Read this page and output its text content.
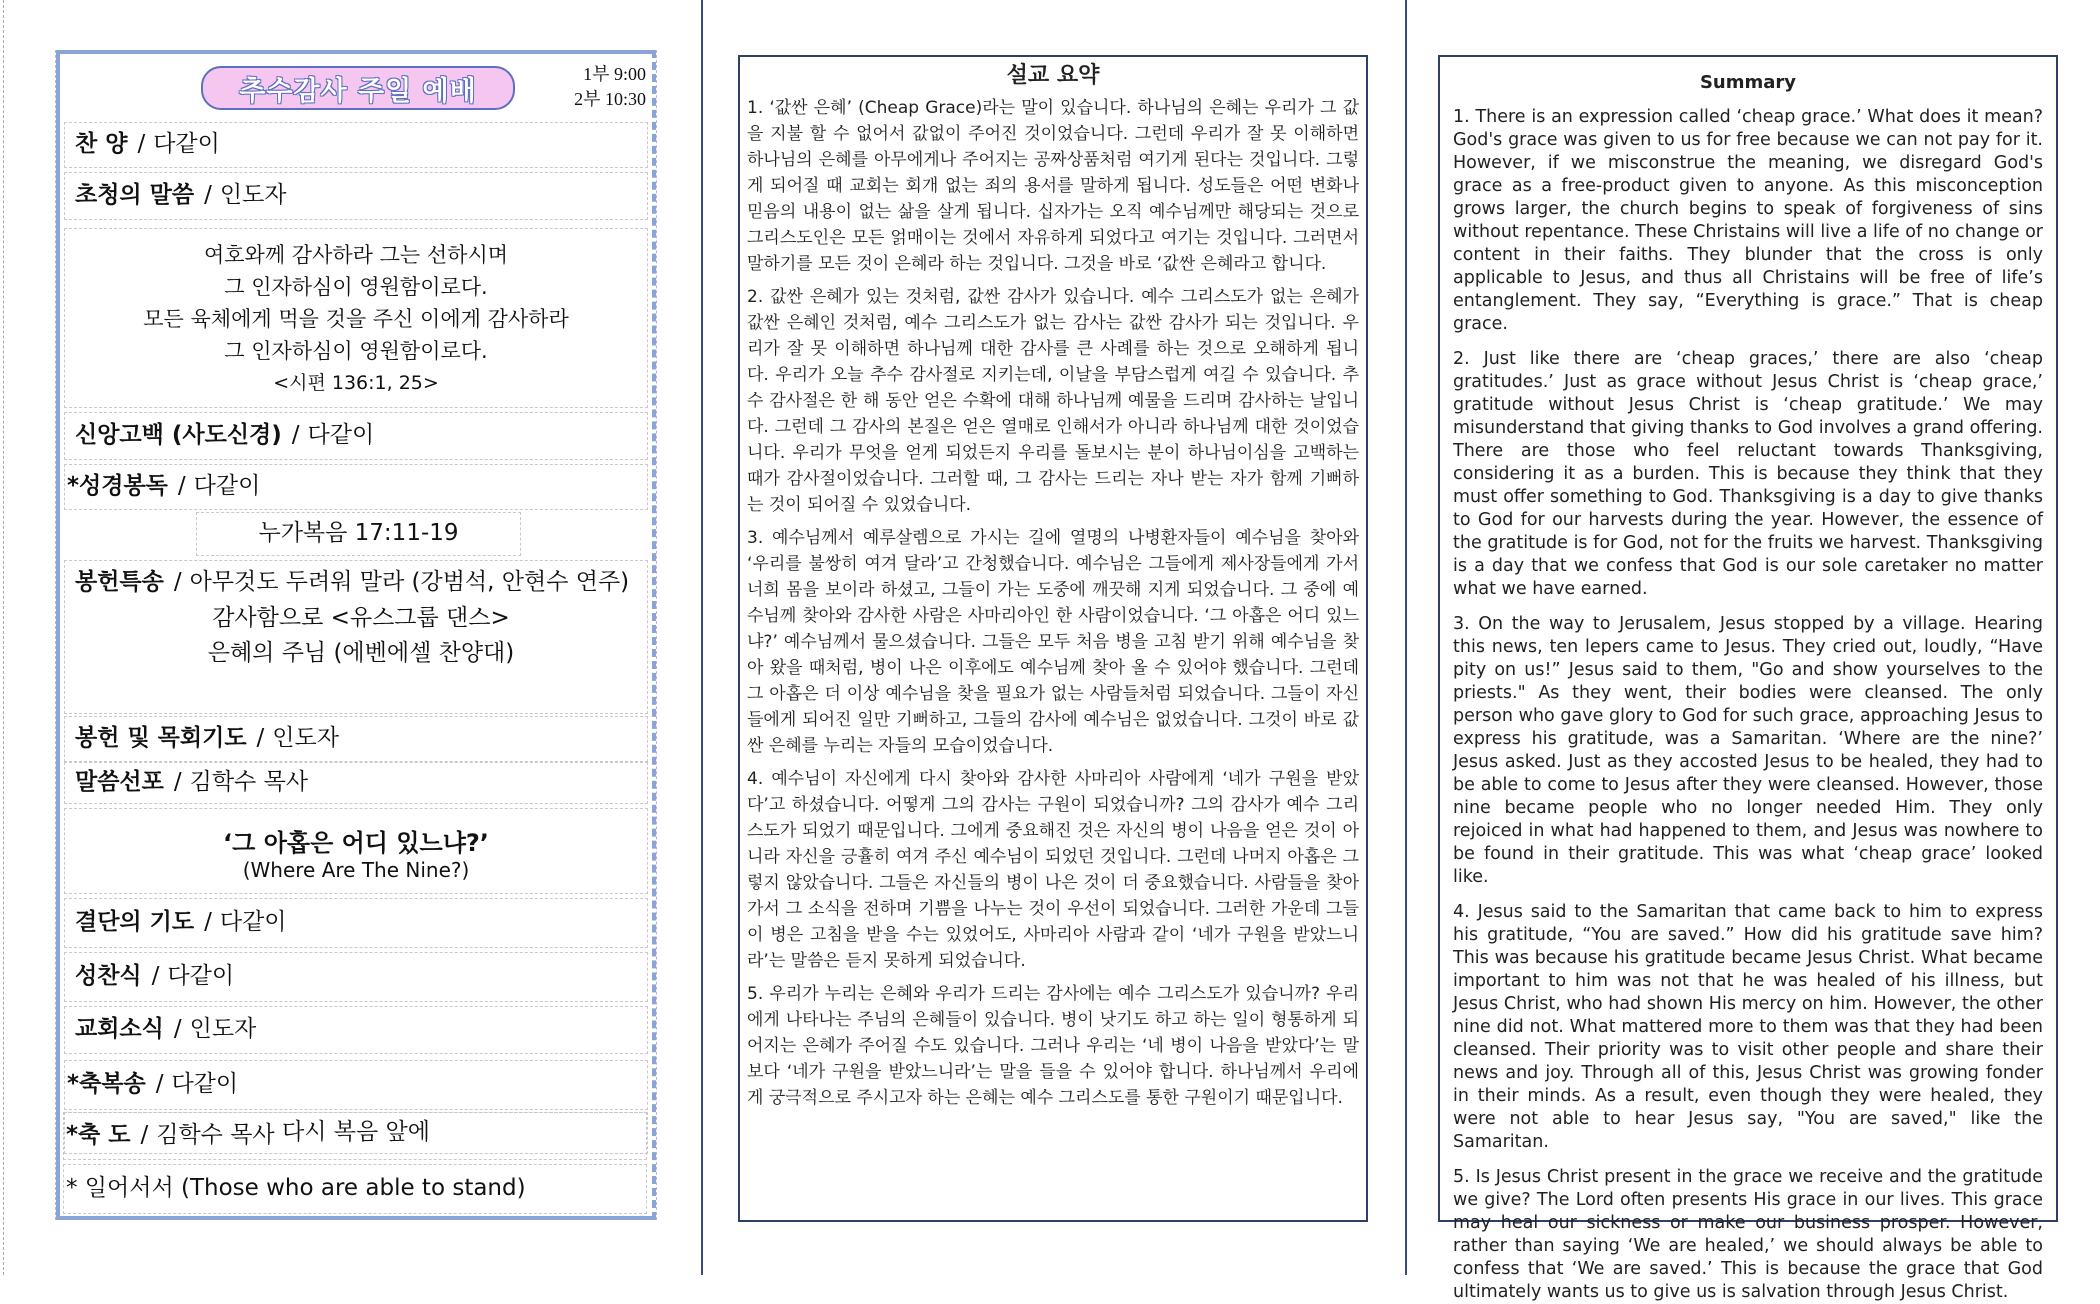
추수감사 주일 예배
1부 9:00
2부 10:30
찬 양 / 다같이
초청의 말씀 / 인도자
여호와께 감사하라 그는 선하시며
그 인자하심이 영원함이로다.
모든 육체에게 먹을 것을 주신 이에게 감사하라
그 인자하심이 영원함이로다.
<시편 136:1, 25>
신앙고백 (사도신경) / 다같이
*성경봉독 / 다같이
누가복음 17:11-19
봉헌특송 / 아무것도 두려워 말라 (강범석, 안현수 연주)
감사함으로 <유스그룹 댄스>
은혜의 주님 (에벤에셀 찬양대)
봉헌 및 목회기도 / 인도자
말씀선포 / 김학수 목사
‘그 아홉은 어디 있느냐?’
(Where Are The Nine?)
결단의 기도 / 다같이
성찬식 / 다같이
교회소식 / 인도자
*축복송 / 다같이
다시 복음 앞에
*축 도 / 김학수 목사
* 일어서서 (Those who are able to stand)
설교 요약

1. ‘값싼 은혜’ (Cheap Grace)라는 말이 있습니다. 하나님의 은혜는 우리가 그 값을 지불 할 수 없어서 값없이 주어진 것이었습니다. 그런데 우리가 잘 못 이해하면 하나님의 은혜를 아무에게나 주어지는 공짜상품처럼 여기게 된다는 것입니다. 그렇게 되어질 때 교회는 회개 없는 죄의 용서를 말하게 됩니다. 성도들은 어떤 변화나 믿음의 내용이 없는 삶을 살게 됩니다. 십자가는 오직 예수님께만 해당되는 것으로 그리스도인은 모든 얽매이는 것에서 자유하게 되었다고 여기는 것입니다. 그러면서 말하기를 모든 것이 은혜라 하는 것입니다. 그것을 바로 ‘값싼 은혜라고 합니다.

2. 값싼 은혜가 있는 것처럼, 값싼 감사가 있습니다. 예수 그리스도가 없는 은혜가 값싼 은혜인 것처럼, 예수 그리스도가 없는 감사는 값싼 감사가 되는 것입니다. 우리가 잘 못 이해하면 하나님께 대한 감사를 큰 사례를 하는 것으로 오해하게 됩니다. 우리가 오늘 추수 감사절로 지키는데, 이날을 부담스럽게 여길 수 있습니다. 추수 감사절은 한 해 동안 얻은 수확에 대해 하나님께 예물을 드리며 감사하는 날입니다. 그런데 그 감사의 본질은 얻은 열매로 인해서가 아니라 하나님께 대한 것이었습니다. 우리가 무엇을 얻게 되었든지 우리를 돌보시는 분이 하나님이심을 고백하는 때가 감사절이었습니다. 그러할 때, 그 감사는 드리는 자나 받는 자가 함께 기뻐하는 것이 되어질 수 있었습니다.

3. 예수님께서 예루살렘으로 가시는 길에 열명의 나병환자들이 예수님을 찾아와 ‘우리를 불쌍히 여겨 달라’고 간청했습니다. 예수님은 그들에게 제사장들에게 가서 너희 몸을 보이라 하셨고, 그들이 가는 도중에 깨끗해 지게 되었습니다. 그 중에 예수님께 찾아와 감사한 사람은 사마리아인 한 사람이었습니다. ‘그 아홉은 어디 있느냐?’ 예수님께서 물으셨습니다. 그들은 모두 처음 병을 고침 받기 위해 예수님을 찾아 왔을 때처럼, 병이 나은 이후에도 예수님께 찾아 올 수 있어야 했습니다. 그런데 그 아홉은 더 이상 예수님을 찾을 필요가 없는 사람들처럼 되었습니다. 그들이 자신들에게 되어진 일만 기뻐하고, 그들의 감사에 예수님은 없었습니다. 그것이 바로 값싼 은혜를 누리는 자들의 모습이었습니다.

4. 예수님이 자신에게 다시 찾아와 감사한 사마리아 사람에게 ‘네가 구원을 받았다’고 하셨습니다. 어떻게 그의 감사는 구원이 되었습니까? 그의 감사가 예수 그리스도가 되었기 때문입니다. 그에게 중요해진 것은 자신의 병이 나음을 얻은 것이 아니라 자신을 긍휼히 여겨 주신 예수님이 되었던 것입니다. 그런데 나머지 아홉은 그렇지 않았습니다. 그들은 자신들의 병이 나은 것이 더 중요했습니다. 사람들을 찾아가서 그 소식을 전하며 기쁨을 나누는 것이 우선이 되었습니다. 그러한 가운데 그들이 병은 고침을 받을 수는 있었어도, 사마리아 사람과 같이 ‘네가 구원을 받았느니라’는 말씀은 듣지 못하게 되었습니다.

5. 우리가 누리는 은혜와 우리가 드리는 감사에는 예수 그리스도가 있습니까? 우리에게 나타나는 주님의 은혜들이 있습니다. 병이 낫기도 하고 하는 일이 형통하게 되어지는 은혜가 주어질 수도 있습니다. 그러나 우리는 ‘네 병이 나음을 받았다’는 말 보다 ‘네가 구원을 받았느니라’는 말을 들을 수 있어야 합니다. 하나님께서 우리에게 궁극적으로 주시고자 하는 은혜는 예수 그리스도를 통한 구원이기 때문입니다.

Summary

1. There is an expression called ‘cheap grace.’ What does it mean? God's grace was given to us for free because we can not pay for it. However, if we misconstrue the meaning, we disregard God's grace as a free-product given to anyone. As this misconception grows larger, the church begins to speak of forgiveness of sins without repentance. These Christains will live a life of no change or content in their faiths. They blunder that the cross is only applicable to Jesus, and thus all Christains will be free of life’s entanglement. They say, “Everything is grace.” That is cheap grace.

2. Just like there are ‘cheap graces,’ there are also ‘cheap gratitudes.’ Just as grace without Jesus Christ is ‘cheap grace,’ gratitude without Jesus Christ is ‘cheap gratitude.’ We may misunderstand that giving thanks to God involves a grand offering. There are those who feel reluctant towards Thanksgiving, considering it as a burden. This is because they think that they must offer something to God. Thanksgiving is a day to give thanks to God for our harvests during the year. However, the essence of the gratitude is for God, not for the fruits we harvest. Thanksgiving is a day that we confess that God is our sole caretaker no matter what we have earned.

3. On the way to Jerusalem, Jesus stopped by a village. Hearing this news, ten lepers came to Jesus. They cried out, loudly, “Have pity on us!” Jesus said to them, "Go and show yourselves to the priests." As they went, their bodies were cleansed. The only person who gave glory to God for such grace, approaching Jesus to express his gratitude, was a Samaritan. ‘Where are the nine?’ Jesus asked. Just as they accosted Jesus to be healed, they had to be able to come to Jesus after they were cleansed. However, those nine became people who no longer needed Him. They only rejoiced in what had happened to them, and Jesus was nowhere to be found in their gratitude. This was what ‘cheap grace’ looked like.

4. Jesus said to the Samaritan that came back to him to express his gratitude, “You are saved.” How did his gratitude save him? This was because his gratitude became Jesus Christ. What became important to him was not that he was healed of his illness, but Jesus Christ, who had shown His mercy on him. However, the other nine did not. What mattered more to them was that they had been cleansed. Their priority was to visit other people and share their news and joy. Through all of this, Jesus Christ was growing fonder in their minds. As a result, even though they were healed, they were not able to hear Jesus say, "You are saved," like the Samaritan.

5. Is Jesus Christ present in the grace we receive and the gratitude we give? The Lord often presents His grace in our lives. This grace may heal our sickness or make our business prosper. However, rather than saying ‘We are healed,’ we should always be able to confess that ‘We are saved.’ This is because the grace that God ultimately wants us to give us is salvation through Jesus Christ.
